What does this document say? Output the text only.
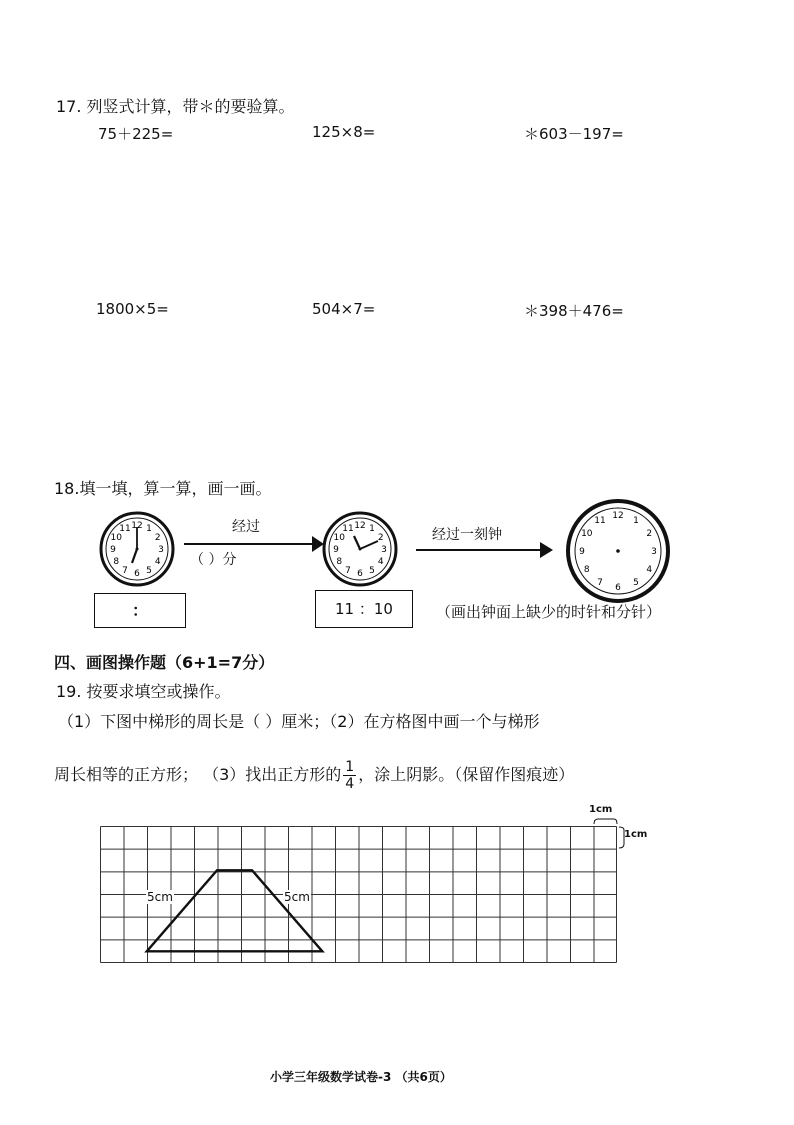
17. 列竖式计算，带＊的要验算。
75＋225=	125×8=	＊603－197=
1800×5=	504×7=	＊398＋476=
18.填一填，算一算，画一画。
12 1
2
3
4
5
6
7
8
9
10
11	经过
（ ）分
12 1
2
3
4
5
6
7
8
9
10
11	经过一刻钟
12 1
2
3
4
5
6
7
8
9
10
11
：	11 ：10	（画出钟面上缺少的时针和分针）
四、画图操作题（6+1=7分）
19. 按要求填空或操作。
（1）下图中梯形的周长是（ ）厘米；（2）在方格图中画一个与梯形
周长相等的正方形； （3）找出正方形的 $\frac{1}{4}$ ，涂上阴影。（保留作图痕迹）
5cm	5cm
1cm
1cm
小学三年级数学试卷-3 （共6页）
